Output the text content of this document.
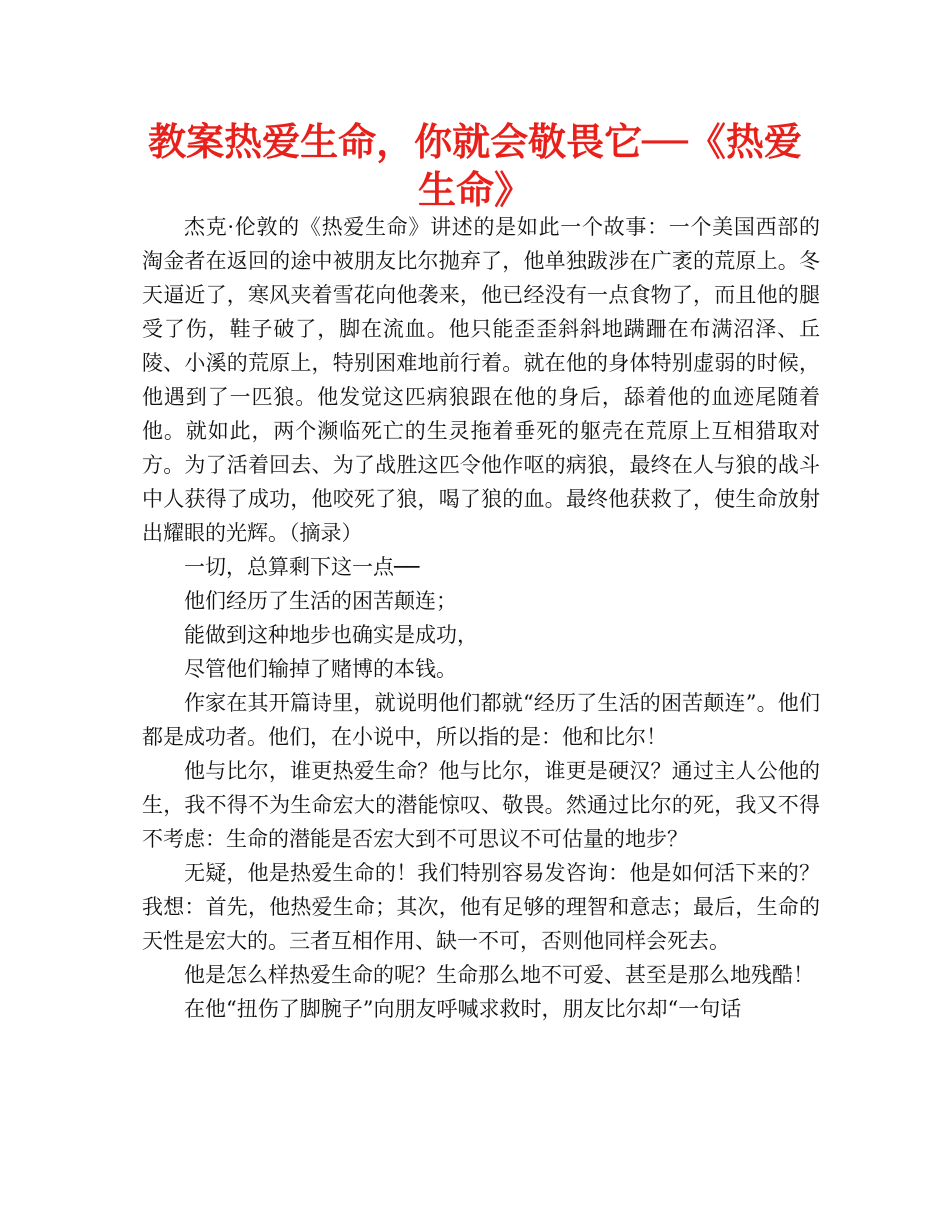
教案热爱生命，你就会敬畏它──《热爱生命》

杰克·伦敦的《热爱生命》讲述的是如此一个故事：一个美国西部的淘金者在返回的途中被朋友比尔抛弃了，他单独跋涉在广袤的荒原上。冬天逼近了，寒风夹着雪花向他袭来，他已经没有一点食物了，而且他的腿受了伤，鞋子破了，脚在流血。他只能歪歪斜斜地蹒跚在布满沼泽、丘陵、小溪的荒原上，特别困难地前行着。就在他的身体特别虚弱的时候，他遇到了一匹狼。他发觉这匹病狼跟在他的身后，舔着他的血迹尾随着他。就如此，两个濒临死亡的生灵拖着垂死的躯壳在荒原上互相猎取对方。为了活着回去、为了战胜这匹令他作呕的病狼，最终在人与狼的战斗中人获得了成功，他咬死了狼，喝了狼的血。最终他获救了，使生命放射出耀眼的光辉。（摘录）

一切，总算剩下这一点──

他们经历了生活的困苦颠连；

能做到这种地步也确实是成功，

尽管他们输掉了赌博的本钱。

作家在其开篇诗里，就说明他们都就“经历了生活的困苦颠连”。他们都是成功者。他们，在小说中，所以指的是：他和比尔！

他与比尔，谁更热爱生命？他与比尔，谁更是硬汉？通过主人公他的生，我不得不为生命宏大的潜能惊叹、敬畏。然通过比尔的死，我又不得不考虑：生命的潜能是否宏大到不可思议不可估量的地步？

无疑，他是热爱生命的！我们特别容易发咨询：他是如何活下来的？我想：首先，他热爱生命；其次，他有足够的理智和意志；最后，生命的天性是宏大的。三者互相作用、缺一不可，否则他同样会死去。

他是怎么样热爱生命的呢？生命那么地不可爱、甚至是那么地残酷！

在他“扭伤了脚腕子”向朋友呼喊求救时，朋友比尔却“一句话
